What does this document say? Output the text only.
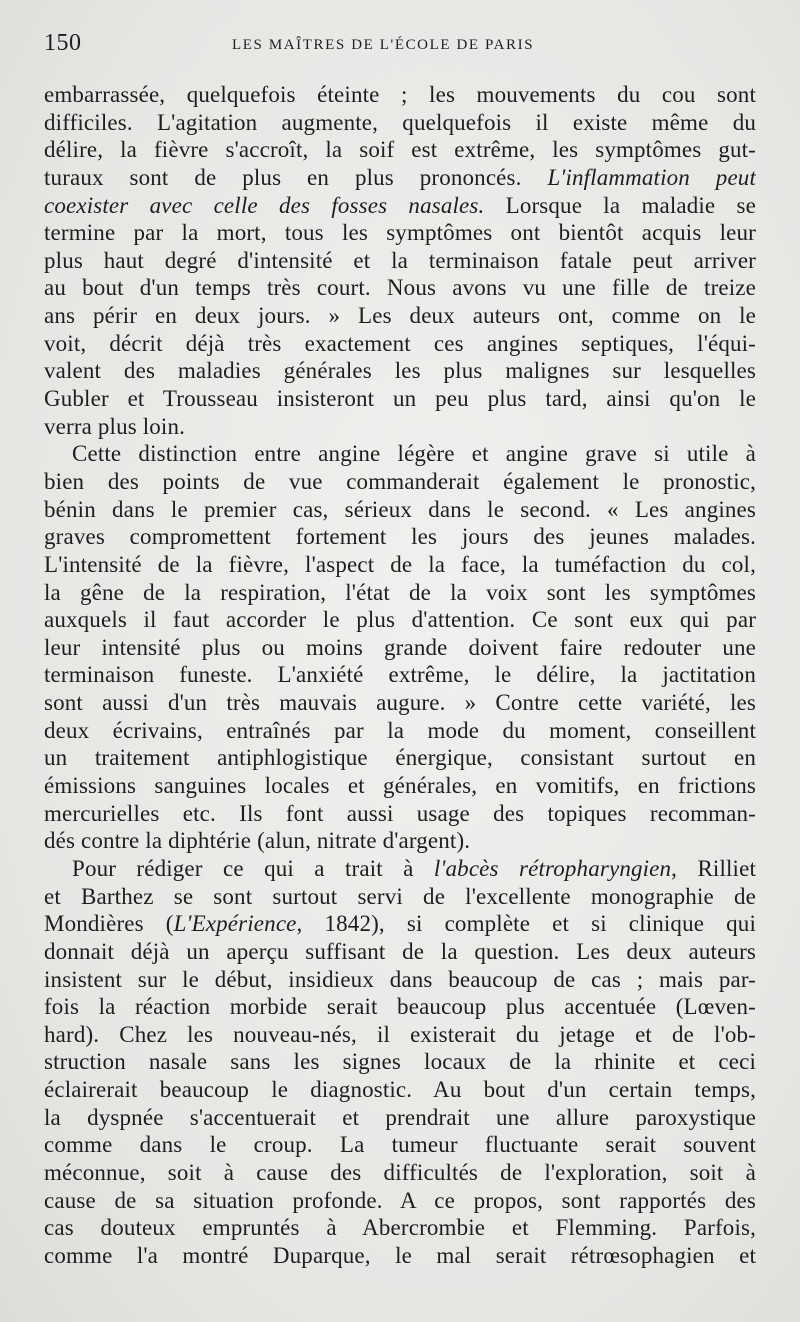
150	LES MAÎTRES DE L'ÉCOLE DE PARIS
embarrassée, quelquefois éteinte ; les mouvements du cou sont
difficiles. L'agitation augmente, quelquefois il existe même du
délire, la fièvre s'accroît, la soif est extrême, les symptômes gut-
turaux sont de plus en plus prononcés. L'inflammation peut
coexister avec celle des fosses nasales. Lorsque la maladie se
termine par la mort, tous les symptômes ont bientôt acquis leur
plus haut degré d'intensité et la terminaison fatale peut arriver
au bout d'un temps très court. Nous avons vu une fille de treize
ans périr en deux jours. » Les deux auteurs ont, comme on le
voit, décrit déjà très exactement ces angines septiques, l'équi-
valent des maladies générales les plus malignes sur lesquelles
Gubler et Trousseau insisteront un peu plus tard, ainsi qu'on le
verra plus loin.
Cette distinction entre angine légère et angine grave si utile à
bien des points de vue commanderait également le pronostic,
bénin dans le premier cas, sérieux dans le second. « Les angines
graves compromettent fortement les jours des jeunes malades.
L'intensité de la fièvre, l'aspect de la face, la tuméfaction du col,
la gêne de la respiration, l'état de la voix sont les symptômes
auxquels il faut accorder le plus d'attention. Ce sont eux qui par
leur intensité plus ou moins grande doivent faire redouter une
terminaison funeste. L'anxiété extrême, le délire, la jactitation
sont aussi d'un très mauvais augure. » Contre cette variété, les
deux écrivains, entraînés par la mode du moment, conseillent
un traitement antiphlogistique énergique, consistant surtout en
émissions sanguines locales et générales, en vomitifs, en frictions
mercurielles etc. Ils font aussi usage des topiques recomman-
dés contre la diphtérie (alun, nitrate d'argent).
Pour rédiger ce qui a trait à l'abcès rétropharyngien, Rilliet
et Barthez se sont surtout servi de l'excellente monographie de
Mondières (L'Expérience, 1842), si complète et si clinique qui
donnait déjà un aperçu suffisant de la question. Les deux auteurs
insistent sur le début, insidieux dans beaucoup de cas ; mais par-
fois la réaction morbide serait beaucoup plus accentuée (Lœven-
hard). Chez les nouveau-nés, il existerait du jetage et de l'ob-
struction nasale sans les signes locaux de la rhinite et ceci
éclairerait beaucoup le diagnostic. Au bout d'un certain temps,
la dyspnée s'accentuerait et prendrait une allure paroxystique
comme dans le croup. La tumeur fluctuante serait souvent
méconnue, soit à cause des difficultés de l'exploration, soit à
cause de sa situation profonde. A ce propos, sont rapportés des
cas douteux empruntés à Abercrombie et Flemming. Parfois,
comme l'a montré Duparque, le mal serait rétrœsophagien et
